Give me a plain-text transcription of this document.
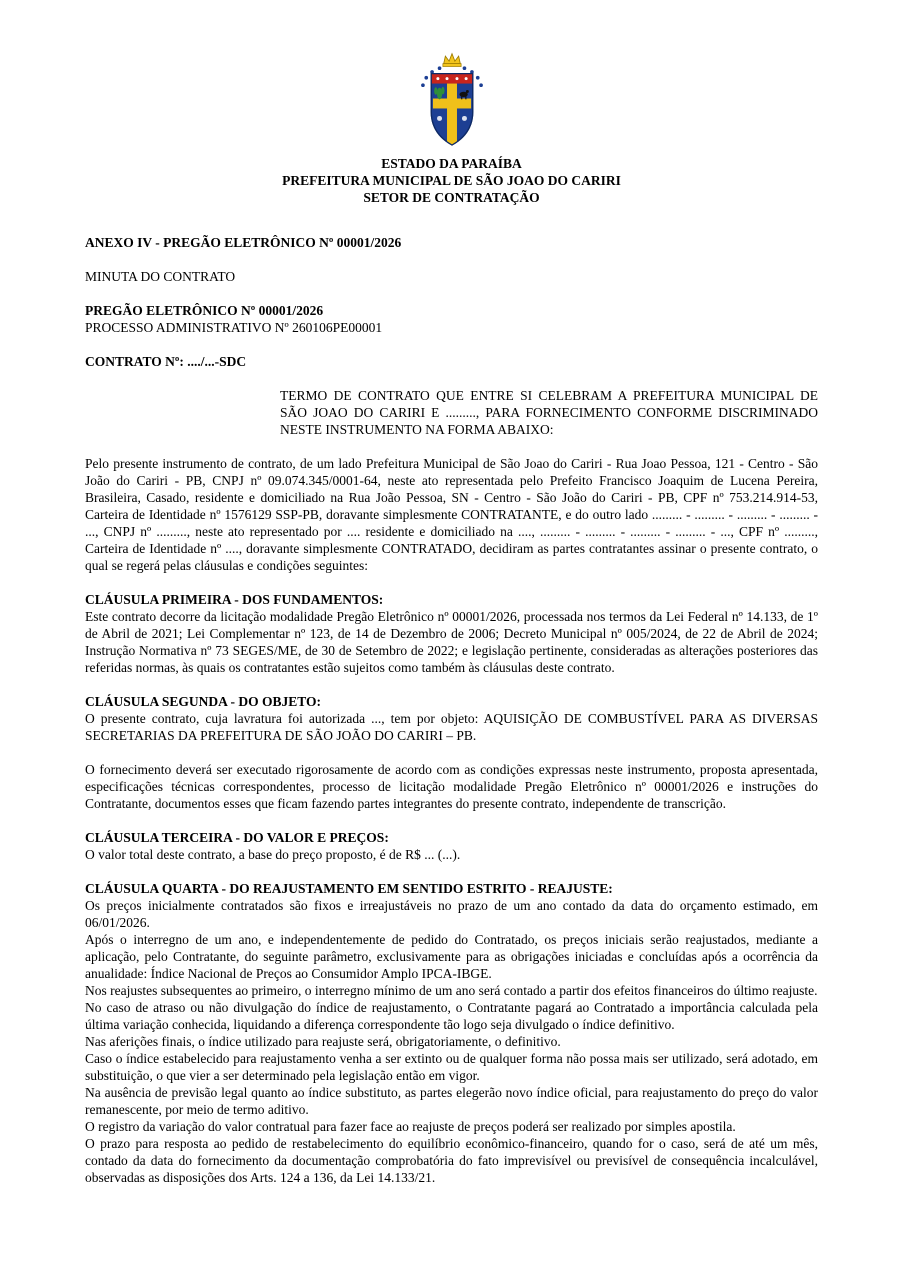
ESTADO DA PARAÍBA

PREFEITURA MUNICIPAL DE SÃO JOAO DO CARIRI

SETOR DE CONTRATAÇÃO

ANEXO IV - PREGÃO ELETRÔNICO Nº 00001/2026

MINUTA DO CONTRATO

PREGÃO ELETRÔNICO Nº 00001/2026

PROCESSO ADMINISTRATIVO Nº 260106PE00001

CONTRATO Nº: ..../...-SDC

TERMO DE CONTRATO QUE ENTRE SI CELEBRAM A PREFEITURA MUNICIPAL DE SÃO JOAO DO CARIRI E ........., PARA FORNECIMENTO CONFORME DISCRIMINADO NESTE INSTRUMENTO NA FORMA ABAIXO:

Pelo presente instrumento de contrato, de um lado Prefeitura Municipal de São Joao do Cariri - Rua Joao Pessoa, 121 - Centro - São João do Cariri - PB, CNPJ nº 09.074.345/0001-64, neste ato representada pelo Prefeito Francisco Joaquim de Lucena Pereira, Brasileira, Casado, residente e domiciliado na Rua João Pessoa, SN - Centro - São João do Cariri - PB, CPF nº 753.214.914-53, Carteira de Identidade nº 1576129 SSP-PB, doravante simplesmente CONTRATANTE, e do outro lado ......... - ......... - ......... - ......... - ..., CNPJ nº ........., neste ato representado por .... residente e domiciliado na ...., ......... - ......... - ......... - ......... - ..., CPF nº ........., Carteira de Identidade nº ...., doravante simplesmente CONTRATADO, decidiram as partes contratantes assinar o presente contrato, o qual se regerá pelas cláusulas e condições seguintes:

CLÁUSULA PRIMEIRA - DOS FUNDAMENTOS:

Este contrato decorre da licitação modalidade Pregão Eletrônico nº 00001/2026, processada nos termos da Lei Federal nº 14.133, de 1º de Abril de 2021; Lei Complementar nº 123, de 14 de Dezembro de 2006; Decreto Municipal nº 005/2024, de 22 de Abril de 2024; Instrução Normativa nº 73 SEGES/ME, de 30 de Setembro de 2022; e legislação pertinente, consideradas as alterações posteriores das referidas normas, às quais os contratantes estão sujeitos como também às cláusulas deste contrato.

CLÁUSULA SEGUNDA - DO OBJETO:

O presente contrato, cuja lavratura foi autorizada ..., tem por objeto: AQUISIÇÃO DE COMBUSTÍVEL PARA AS DIVERSAS SECRETARIAS DA PREFEITURA DE SÃO JOÃO DO CARIRI – PB.

O fornecimento deverá ser executado rigorosamente de acordo com as condições expressas neste instrumento, proposta apresentada, especificações técnicas correspondentes, processo de licitação modalidade Pregão Eletrônico nº 00001/2026 e instruções do Contratante, documentos esses que ficam fazendo partes integrantes do presente contrato, independente de transcrição.

CLÁUSULA TERCEIRA - DO VALOR E PREÇOS:

O valor total deste contrato, a base do preço proposto, é de R$ ... (...).

CLÁUSULA QUARTA - DO REAJUSTAMENTO EM SENTIDO ESTRITO - REAJUSTE:

Os preços inicialmente contratados são fixos e irreajustáveis no prazo de um ano contado da data do orçamento estimado, em 06/01/2026.

Após o interregno de um ano, e independentemente de pedido do Contratado, os preços iniciais serão reajustados, mediante a aplicação, pelo Contratante, do seguinte parâmetro, exclusivamente para as obrigações iniciadas e concluídas após a ocorrência da anualidade: Índice Nacional de Preços ao Consumidor Amplo IPCA-IBGE.

Nos reajustes subsequentes ao primeiro, o interregno mínimo de um ano será contado a partir dos efeitos financeiros do último reajuste.

No caso de atraso ou não divulgação do índice de reajustamento, o Contratante pagará ao Contratado a importância calculada pela última variação conhecida, liquidando a diferença correspondente tão logo seja divulgado o índice definitivo.

Nas aferições finais, o índice utilizado para reajuste será, obrigatoriamente, o definitivo.

Caso o índice estabelecido para reajustamento venha a ser extinto ou de qualquer forma não possa mais ser utilizado, será adotado, em substituição, o que vier a ser determinado pela legislação então em vigor.

Na ausência de previsão legal quanto ao índice substituto, as partes elegerão novo índice oficial, para reajustamento do preço do valor remanescente, por meio de termo aditivo.

O registro da variação do valor contratual para fazer face ao reajuste de preços poderá ser realizado por simples apostila.

O prazo para resposta ao pedido de restabelecimento do equilíbrio econômico-financeiro, quando for o caso, será de até um mês, contado da data do fornecimento da documentação comprobatória do fato imprevisível ou previsível de consequência incalculável, observadas as disposições dos Arts. 124 a 136, da Lei 14.133/21.
